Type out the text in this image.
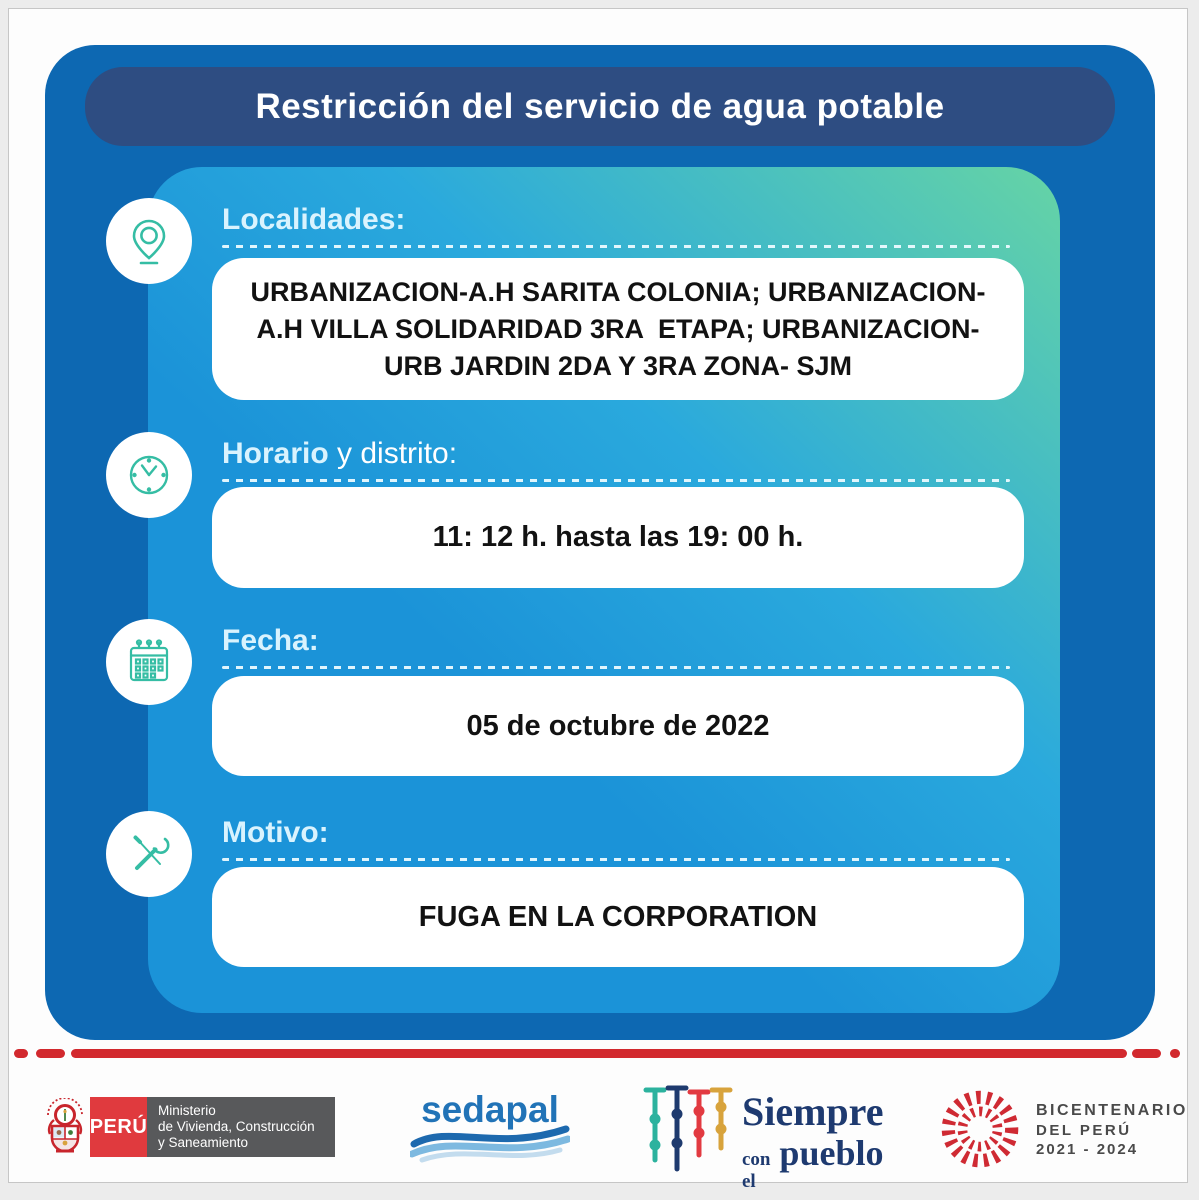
Restricción del servicio de agua potable
Localidades:
URBANIZACION-A.H SARITA COLONIA; URBANIZACION-
A.H VILLA SOLIDARIDAD 3RA  ETAPA; URBANIZACION-
URB JARDIN 2DA Y 3RA ZONA- SJM
Horario y distrito:
11: 12 h. hasta las 19: 00 h.
Fecha:
05 de octubre de 2022
Motivo:
FUGA EN LA CORPORATION
PERÚ
Ministerio
de Vivienda, Construcción
y Saneamiento
sedapal	Siempre
con el
pueblo
BICENTENARIO
DEL PERÚ
2021 - 2024
